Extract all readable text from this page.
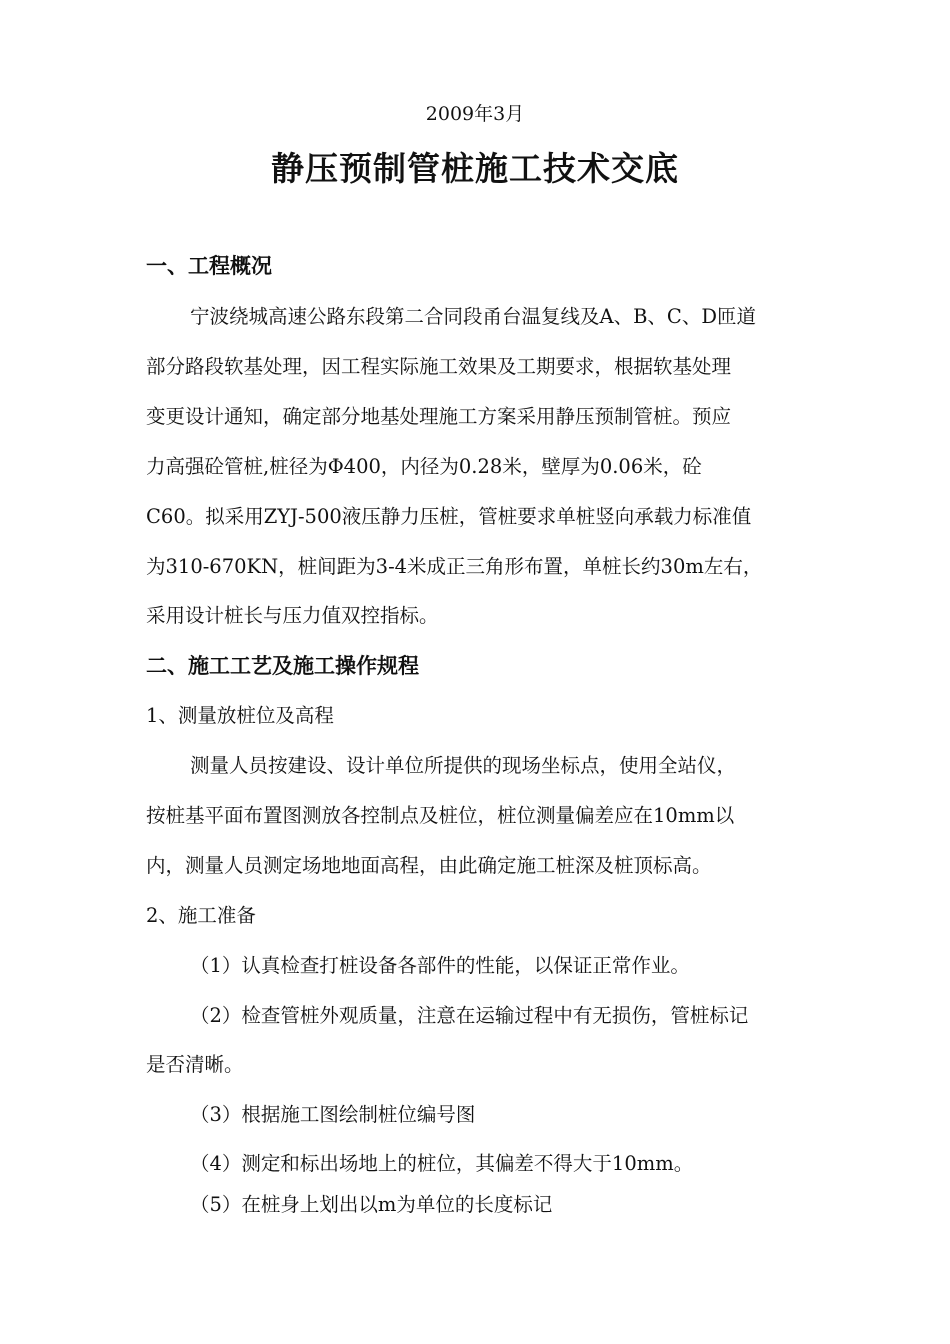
2009年3月
静压预制管桩施工技术交底
一、工程概况
宁波绕城高速公路东段第二合同段甬台温复线及A、B、C、D匝道
部分路段软基处理，因工程实际施工效果及工期要求，根据软基处理
变更设计通知，确定部分地基处理施工方案采用静压预制管桩。预应
力高强砼管桩,桩径为Φ400，内径为0.28米，壁厚为0.06米，砼
C60。拟采用ZYJ-500液压静力压桩，管桩要求单桩竖向承载力标准值
为310-670KN，桩间距为3-4米成正三角形布置，单桩长约30m左右，
采用设计桩长与压力值双控指标。
二、施工工艺及施工操作规程
1、测量放桩位及高程
测量人员按建设、设计单位所提供的现场坐标点，使用全站仪，
按桩基平面布置图测放各控制点及桩位，桩位测量偏差应在10mm以
内，测量人员测定场地地面高程，由此确定施工桩深及桩顶标高。
2、施工准备
（1）认真检查打桩设备各部件的性能，以保证正常作业。
（2）检查管桩外观质量，注意在运输过程中有无损伤，管桩标记
是否清晰。
（3）根据施工图绘制桩位编号图
（4）测定和标出场地上的桩位，其偏差不得大于10mm。
（5）在桩身上划出以m为单位的长度标记
